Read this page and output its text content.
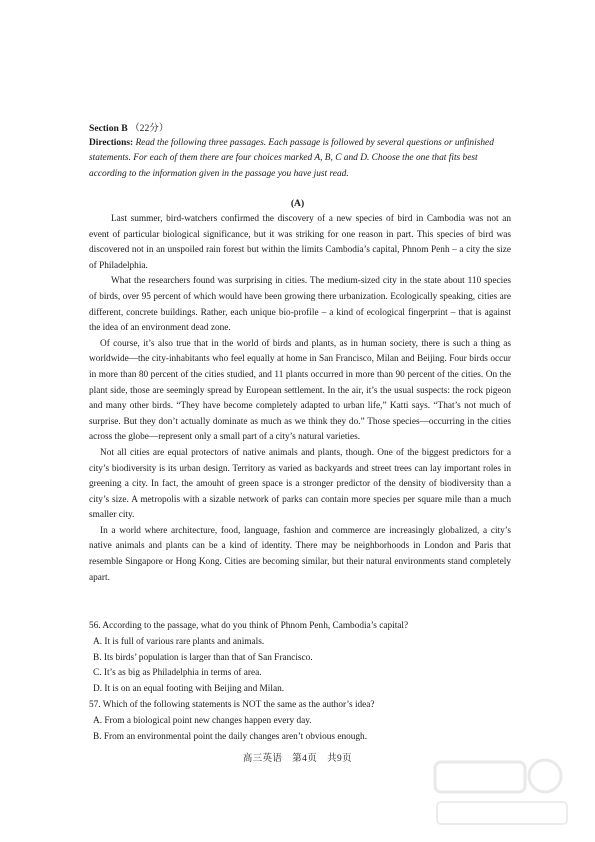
Section B （22分）
Directions: Read the following three passages. Each passage is followed by several questions or unfinished statements. For each of them there are four choices marked A, B, C and D. Choose the one that fits best according to the information given in the passage you have just read.
(A)

Last summer, bird-watchers confirmed the discovery of a new species of bird in Cambodia was not an event of particular biological significance, but it was striking for one reason in part. This species of bird was discovered not in an unspoiled rain forest but within the limits Cambodia’s capital, Phnom Penh – a city the size of Philadelphia.

What the researchers found was surprising in cities. The medium-sized city in the state about 110 species of birds, over 95 percent of which would have been growing there urbanization. Ecologically speaking, cities are different, concrete buildings. Rather, each unique bio-profile – a kind of ecological fingerprint – that is against the idea of an environment dead zone.

Of course, it’s also true that in the world of birds and plants, as in human society, there is such a thing as worldwide—the city-inhabitants who feel equally at home in San Francisco, Milan and Beijing. Four birds occur in more than 80 percent of the cities studied, and 11 plants occurred in more than 90 percent of the cities. On the plant side, those are seemingly spread by European settlement. In the air, it’s the usual suspects: the rock pigeon and many other birds. “They have become completely adapted to urban life,” Katti says. “That’s not much of surprise. But they don’t actually dominate as much as we think they do.” Those species—occurring in the cities across the globe—represent only a small part of a city’s natural varieties.

Not all cities are equal protectors of native animals and plants, though. One of the biggest predictors for a city’s biodiversity is its urban design. Territory as varied as backyards and street trees can lay important roles in greening a city. In fact, the amouht of green space is a stronger predictor of the density of biodiversity than a city’s size. A metropolis with a sizable network of parks can contain more species per square mile than a much smaller city.

In a world where architecture, food, language, fashion and commerce are increasingly globalized, a city’s native animals and plants can be a kind of identity. There may be neighborhoods in London and Paris that resemble Singapore or Hong Kong. Cities are becoming similar, but their natural environments stand completely apart.

56. According to the passage, what do you think of Phnom Penh, Cambodia’s capital?

A. It is full of various rare plants and animals.

B. Its birds’ population is larger than that of San Francisco.

C. It’s as big as Philadelphia in terms of area.

D. It is on an equal footing with Beijing and Milan.

57. Which of the following statements is NOT the same as the author’s idea?

A. From a biological point new changes happen every day.

B. From an environmental point the daily changes aren’t obvious enough.

高三英语　第4页　共9页
